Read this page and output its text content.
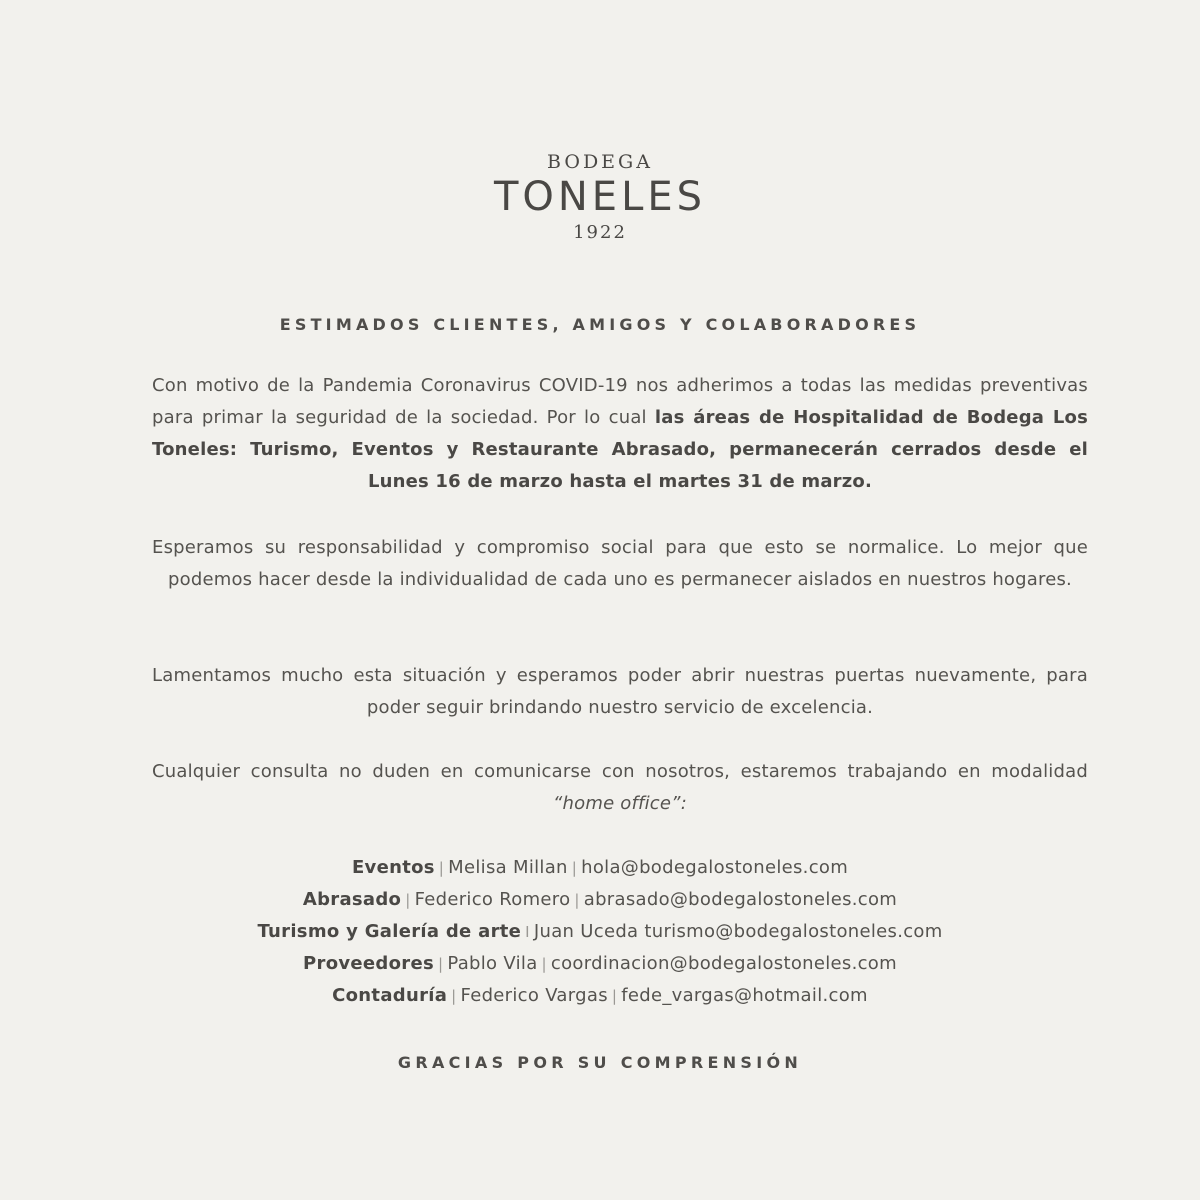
BODEGA
TONELES
1922
ESTIMADOS CLIENTES, AMIGOS Y COLABORADORES
Con motivo de la Pandemia Coronavirus COVID-19 nos adherimos a todas las medidas preventivas para primar la seguridad de la sociedad. Por lo cual las áreas de Hospitalidad de Bodega Los Toneles: Turismo, Eventos y Restaurante Abrasado, permanecerán cerrados desde el Lunes 16 de marzo hasta el martes 31 de marzo.
Esperamos su responsabilidad y compromiso social para que esto se normalice. Lo mejor que podemos hacer desde la individualidad de cada uno es permanecer aislados en nuestros hogares.
Lamentamos mucho esta situación y esperamos poder abrir nuestras puertas nuevamente, para poder seguir brindando nuestro servicio de excelencia.
Cualquier consulta no duden en comunicarse con nosotros, estaremos trabajando en modalidad “home office”:
Eventos | Melisa Millan | hola@bodegalostoneles.com
Abrasado | Federico Romero | abrasado@bodegalostoneles.com
Turismo y Galería de arte I Juan Uceda turismo@bodegalostoneles.com
Proveedores | Pablo Vila | coordinacion@bodegalostoneles.com
Contaduría | Federico Vargas | fede_vargas@hotmail.com
GRACIAS POR SU COMPRENSIÓN
